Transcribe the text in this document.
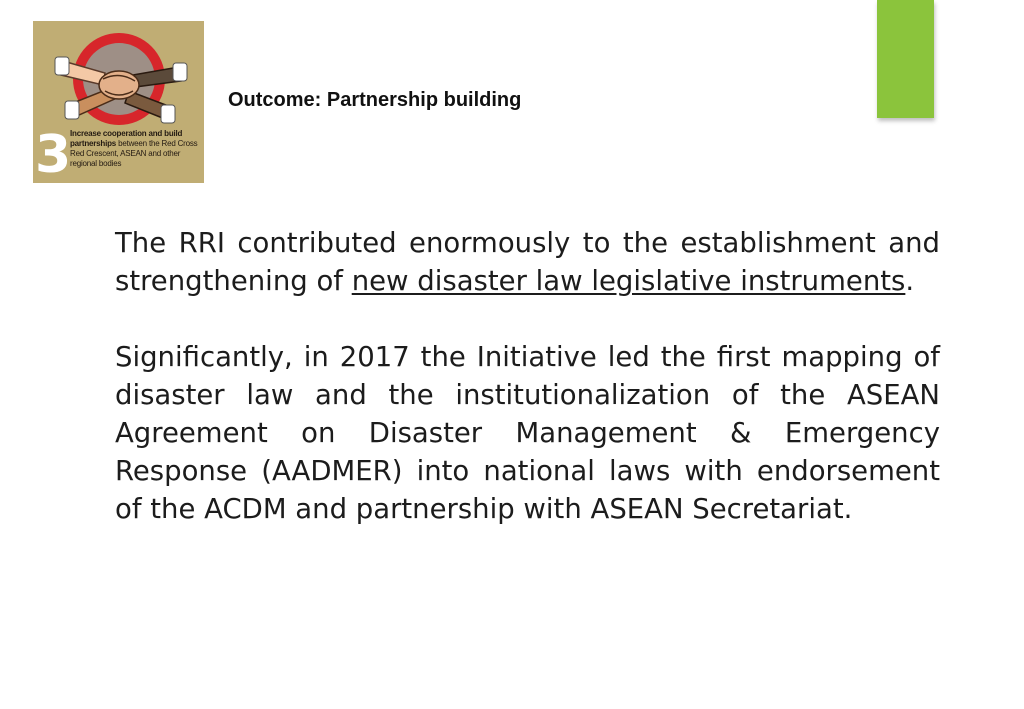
3 Increase cooperation and build partnerships between the Red Cross Red Crescent, ASEAN and other regional bodies
Outcome: Partnership building

The RRI contributed enormously to the establishment and strengthening of new disaster law legislative instruments.

Significantly, in 2017 the Initiative led the first mapping of disaster law and the institutionalization of the ASEAN Agreement on Disaster Management & Emergency Response (AADMER) into national laws with endorsement of the ACDM and partnership with ASEAN Secretariat.
